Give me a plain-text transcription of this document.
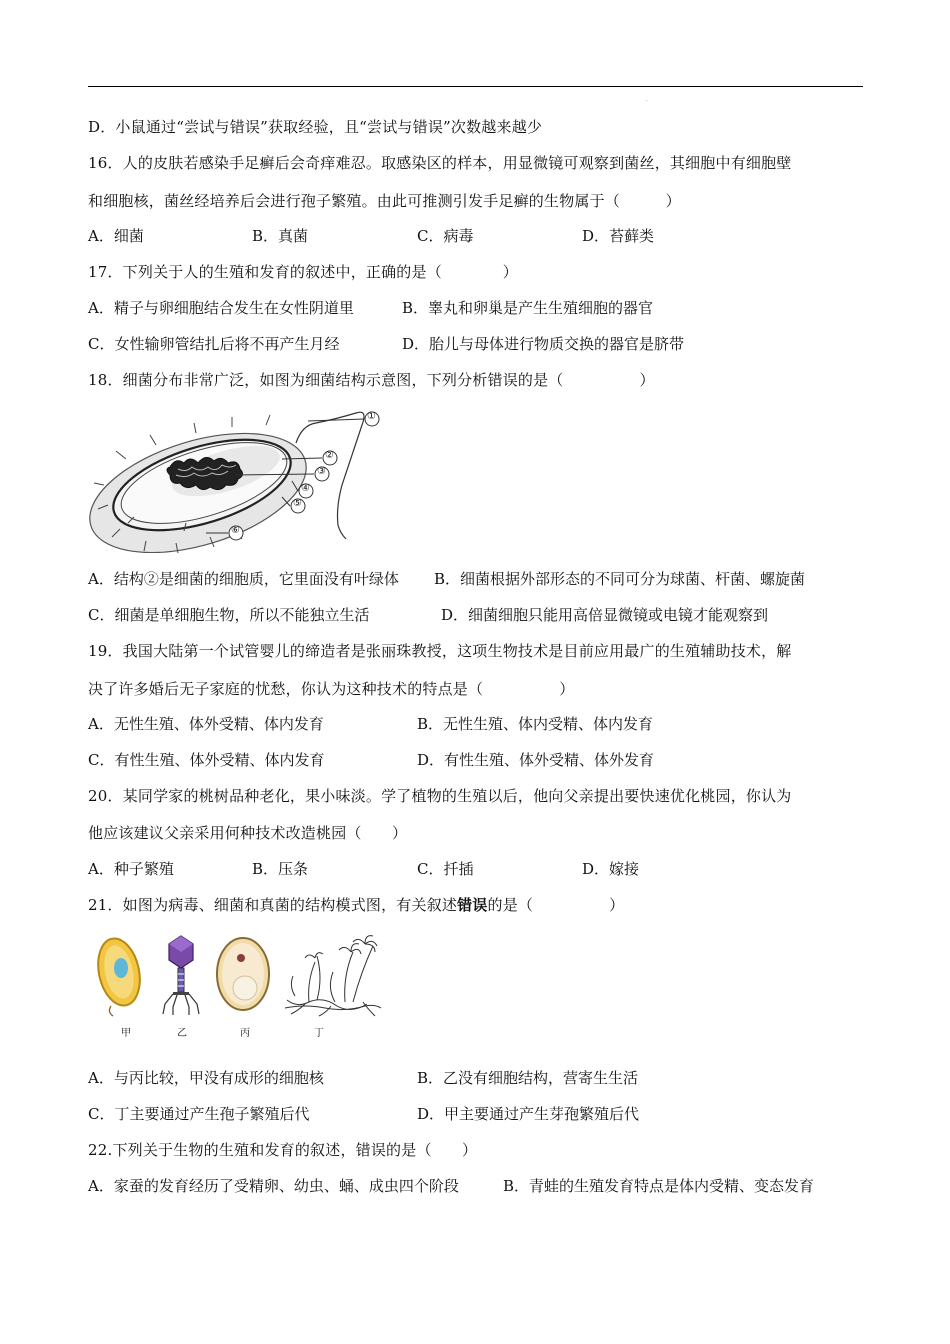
.
D．小鼠通过“尝试与错误”获取经验，且“尝试与错误”次数越来越少
16．人的皮肤若感染手足癣后会奇痒难忍。取感染区的样本，用显微镜可观察到菌丝，其细胞中有细胞壁
和细胞核，菌丝经培养后会进行孢子繁殖。由此可推测引发手足癣的生物属于（　　　）
A．细菌	B．真菌	C．病毒	D．苔藓类
17．下列关于人的生殖和发育的叙述中，正确的是（　　　　）
A．精子与卵细胞结合发生在女性阴道里	B．睾丸和卵巢是产生生殖细胞的器官
C．女性输卵管结扎后将不再产生月经	D．胎儿与母体进行物质交换的器官是脐带
18．细菌分布非常广泛，如图为细菌结构示意图，下列分析错误的是（　　　　　）
①
②
③
④
⑤
⑥
A．结构②是细菌的细胞质，它里面没有叶绿体 B．细菌根据外部形态的不同可分为球菌、杆菌、螺旋菌
C．细菌是单细胞生物，所以不能独立生活	D．细菌细胞只能用高倍显微镜或电镜才能观察到
19．我国大陆第一个试管婴儿的缔造者是张丽珠教授，这项生物技术是目前应用最广的生殖辅助技术，解
决了许多婚后无子家庭的忧愁，你认为这种技术的特点是（　　　　　）
A．无性生殖、体外受精、体内发育	B．无性生殖、体内受精、体内发育
C．有性生殖、体外受精、体内发育	D．有性生殖、体外受精、体外发育
20．某同学家的桃树品种老化，果小味淡。学了植物的生殖以后，他向父亲提出要快速优化桃园，你认为
他应该建议父亲采用何种技术改造桃园（　　）
A．种子繁殖	B．压条	C．扦插	D．嫁接
21．如图为病毒、细菌和真菌的结构模式图，有关叙述错误的是（　　　　　）
甲	乙	丙	丁
A．与丙比较，甲没有成形的细胞核	B．乙没有细胞结构，营寄生生活
C．丁主要通过产生孢子繁殖后代	D．甲主要通过产生芽孢繁殖后代
22.下列关于生物的生殖和发育的叙述，错误的是（　　）
A．家蚕的发育经历了受精卵、幼虫、蛹、成虫四个阶段	B．青蛙的生殖发育特点是体内受精、变态发育
